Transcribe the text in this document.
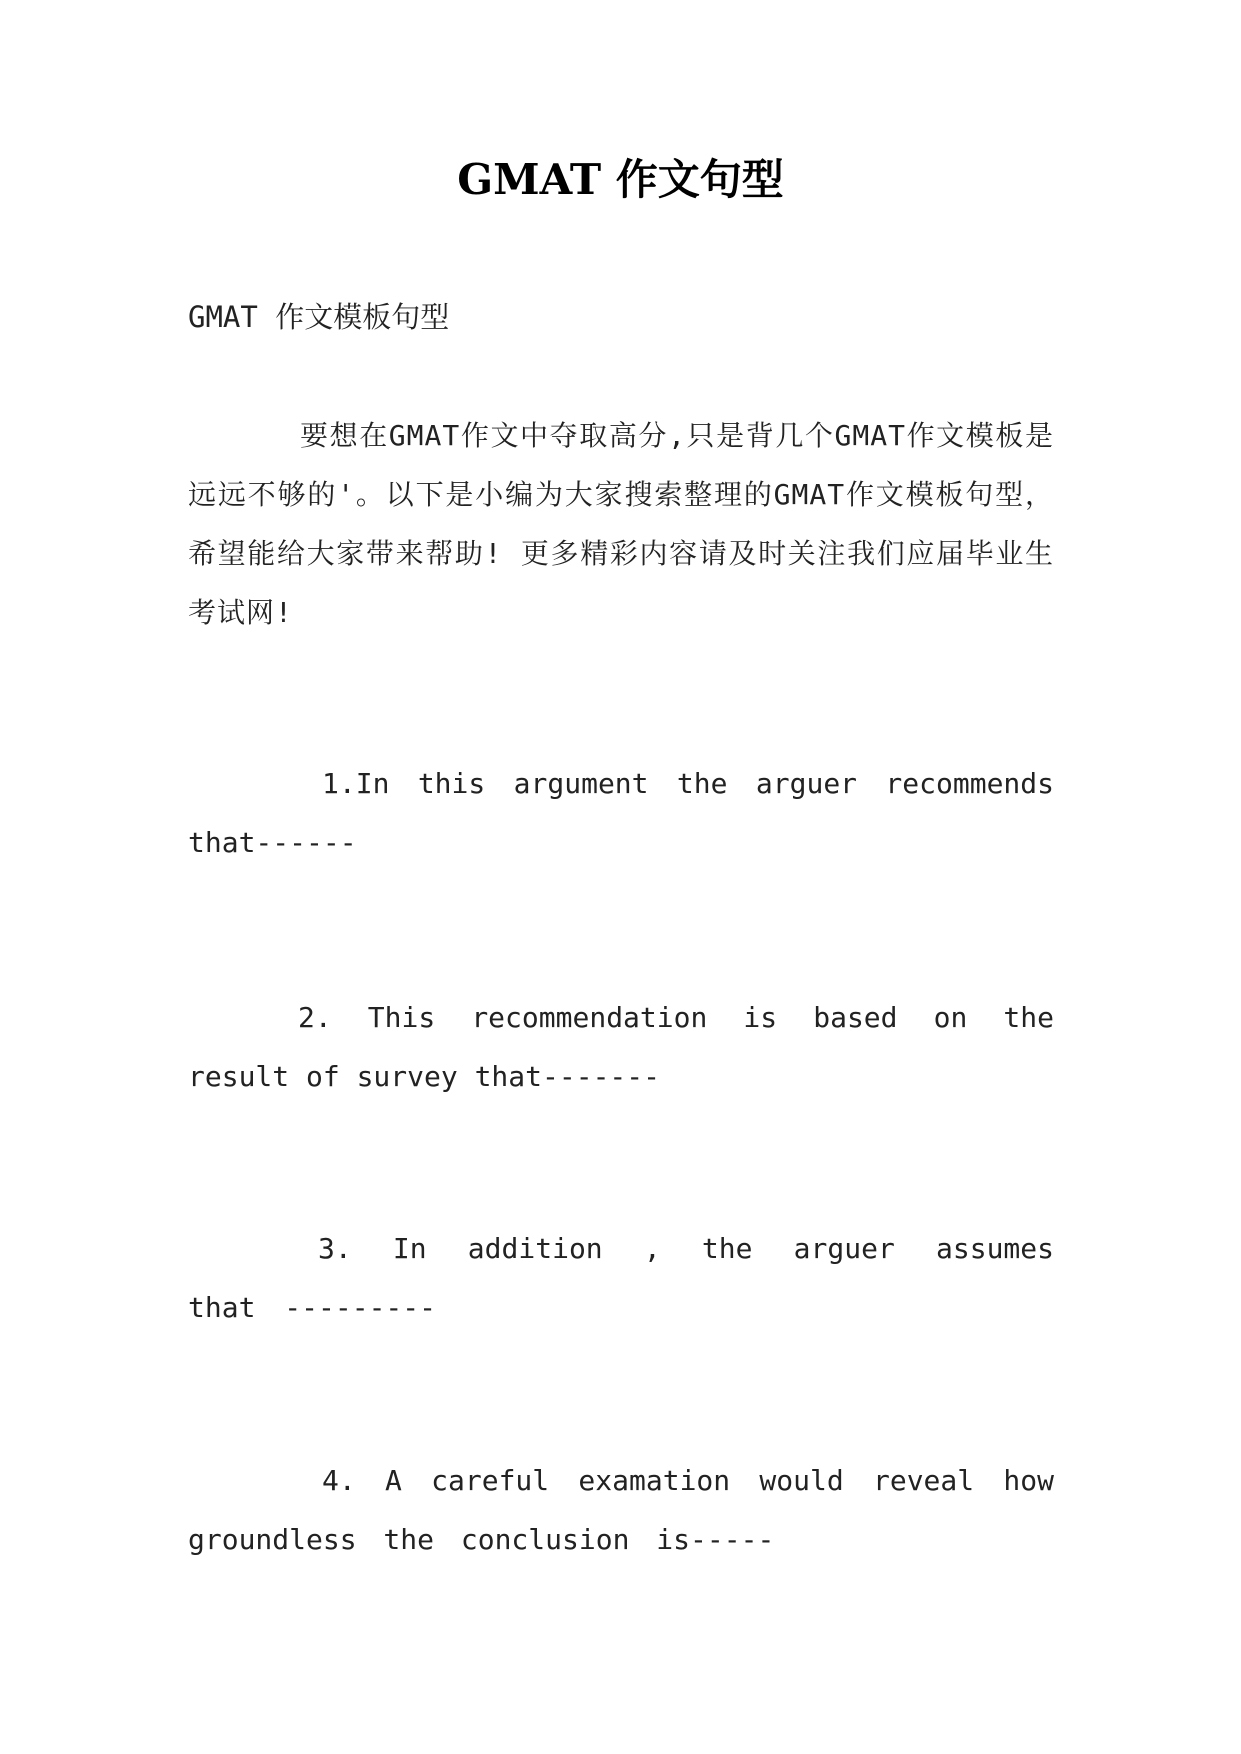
GMAT 作文句型
GMAT 作文模板句型
要想在GMAT作文中夺取高分,只是背几个GMAT作文模板是远远不够的'。以下是小编为大家搜索整理的GMAT作文模板句型，希望能给大家带来帮助! 更多精彩内容请及时关注我们应届毕业生考试网!
1.In this argument the arguer recommends that------
2. This recommendation is based on the result of survey that-------
3. In addition , the arguer assumes that ---------
4. A careful examation would reveal how groundless the conclusion is-----
